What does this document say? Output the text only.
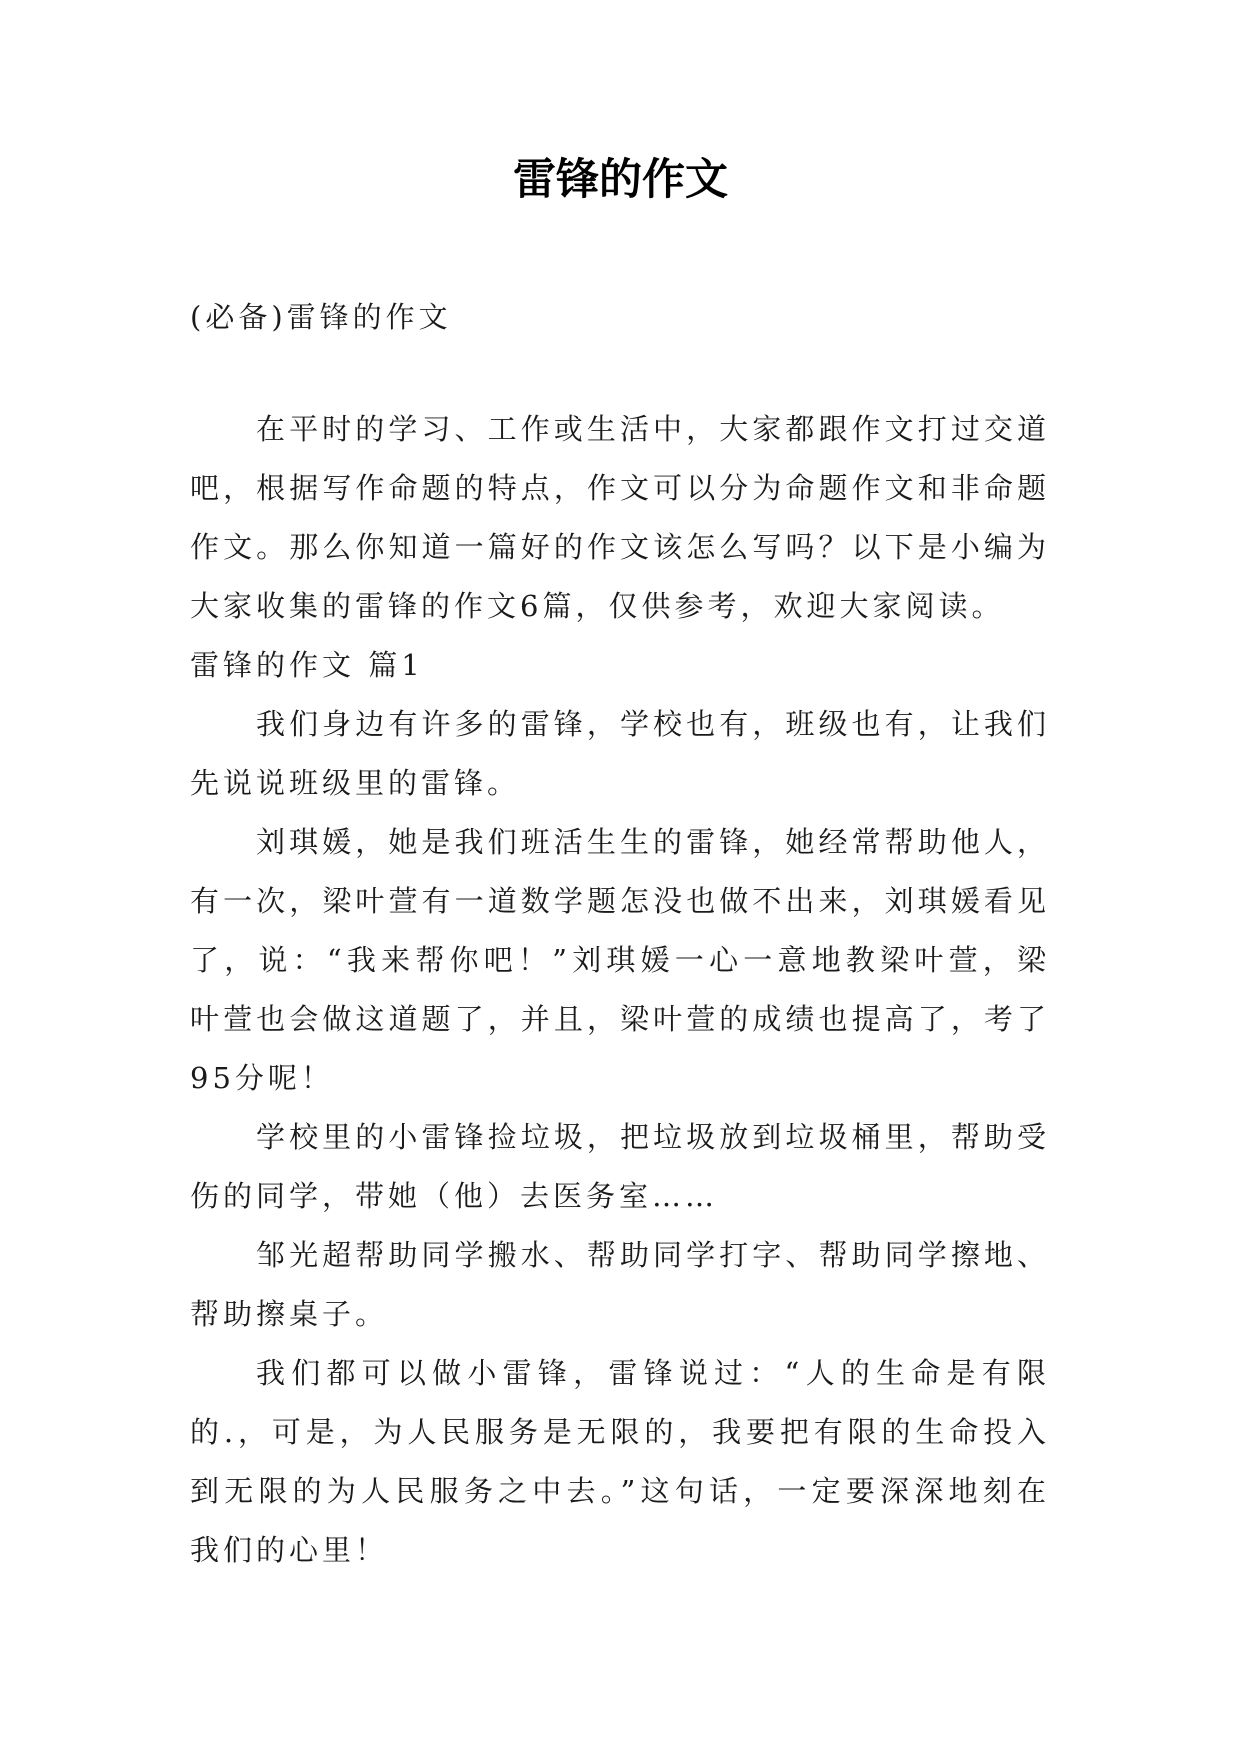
雷锋的作文
(必备)雷锋的作文

在平时的学习、工作或生活中，大家都跟作文打过交道吧，根据写作命题的特点，作文可以分为命题作文和非命题作文。那么你知道一篇好的作文该怎么写吗？以下是小编为大家收集的雷锋的作文6篇，仅供参考，欢迎大家阅读。

雷锋的作文 篇1

我们身边有许多的雷锋，学校也有，班级也有，让我们先说说班级里的雷锋。

刘琪媛，她是我们班活生生的雷锋，她经常帮助他人，有一次，梁叶萱有一道数学题怎没也做不出来，刘琪媛看见了，说：“我来帮你吧！”刘琪媛一心一意地教梁叶萱，梁叶萱也会做这道题了，并且，梁叶萱的成绩也提高了，考了95分呢！

学校里的小雷锋捡垃圾，把垃圾放到垃圾桶里，帮助受伤的同学，带她（他）去医务室……

邹光超帮助同学搬水、帮助同学打字、帮助同学擦地、帮助擦桌子。

我们都可以做小雷锋，雷锋说过：“人的生命是有限的.，可是，为人民服务是无限的，我要把有限的生命投入到无限的为人民服务之中去。”这句话，一定要深深地刻在我们的心里！
